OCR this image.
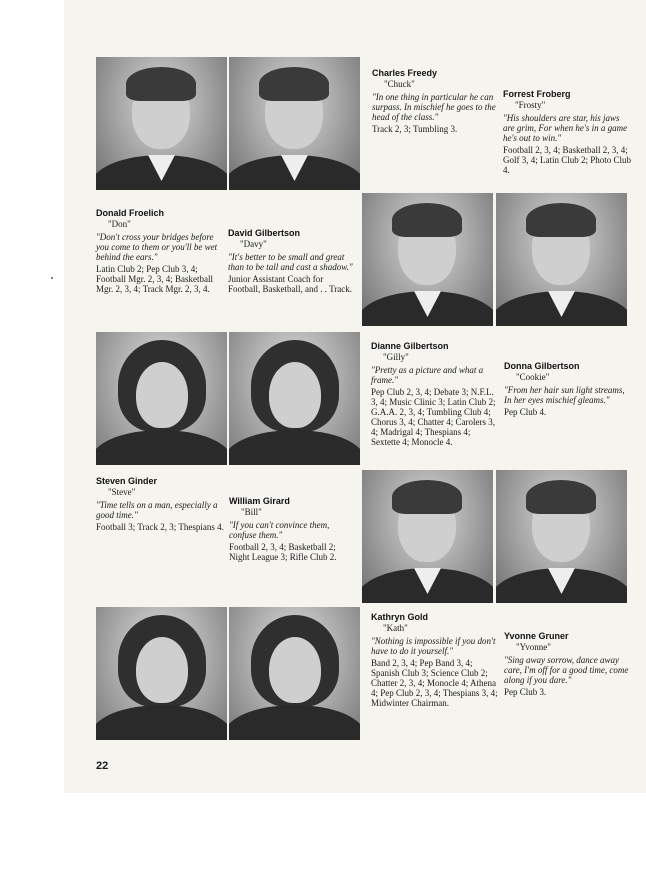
Charles Freedy
"Chuck"
"In one thing in particular he can surpass. In mischief he goes to the head of the class."
Track 2, 3; Tumbling 3.
Forrest Froberg
"Frosty"
"His shoulders are star, his jaws are grim, For when he's in a game he's out to win."
Football 2, 3, 4; Basketball 2, 3, 4; Golf 3, 4; Latin Club 2; Photo Club 4.
Donald Froelich
"Don"
"Don't cross your bridges before you come to them or you'll be wet behind the ears."
Latin Club 2; Pep Club 3, 4; Football Mgr. 2, 3, 4; Basketball Mgr. 2, 3, 4; Track Mgr. 2, 3, 4.
David Gilbertson
"Davy"
"It's better to be small and great than to be tall and cast a shadow."
Junior Assistant Coach for Football, Basketball, and . . Track.
Dianne Gilbertson
"Gilly"
"Pretty as a picture and what a frame."
Pep Club 2, 3, 4; Debate 3; N.F.L. 3, 4; Music Clinic 3; Latin Club 2; G.A.A. 2, 3, 4; Tumbling Club 4; Chorus 3, 4; Chatter 4; Carolers 3, 4; Madrigal 4; Thespians 4; Sextette 4; Monocle 4.
Donna Gilbertson
"Cookie"
"From her hair sun light streams, In her eyes mischief gleams."
Pep Club 4.
Steven Ginder
"Steve"
"Time tells on a man, especially a good time."
Football 3; Track 2, 3; Thespians 4.
William Girard
"Bill"
"If you can't convince them, confuse them."
Football 2, 3, 4; Basketball 2; Night League 3; Rifle Club 2.
Kathryn Gold
"Kath"
"Nothing is impossible if you don't have to do it yourself."
Band 2, 3, 4; Pep Band 3, 4; Spanish Club 3; Science Club 2; Chatter 2, 3, 4; Monocle 4; Athena 4; Pep Club 2, 3, 4; Thespians 3, 4; Midwinter Chairman.
Yvonne Gruner
"Yvonne"
"Sing away sorrow, dance away care, I'm off for a good time, come along if you dare."
Pep Club 3.
22
